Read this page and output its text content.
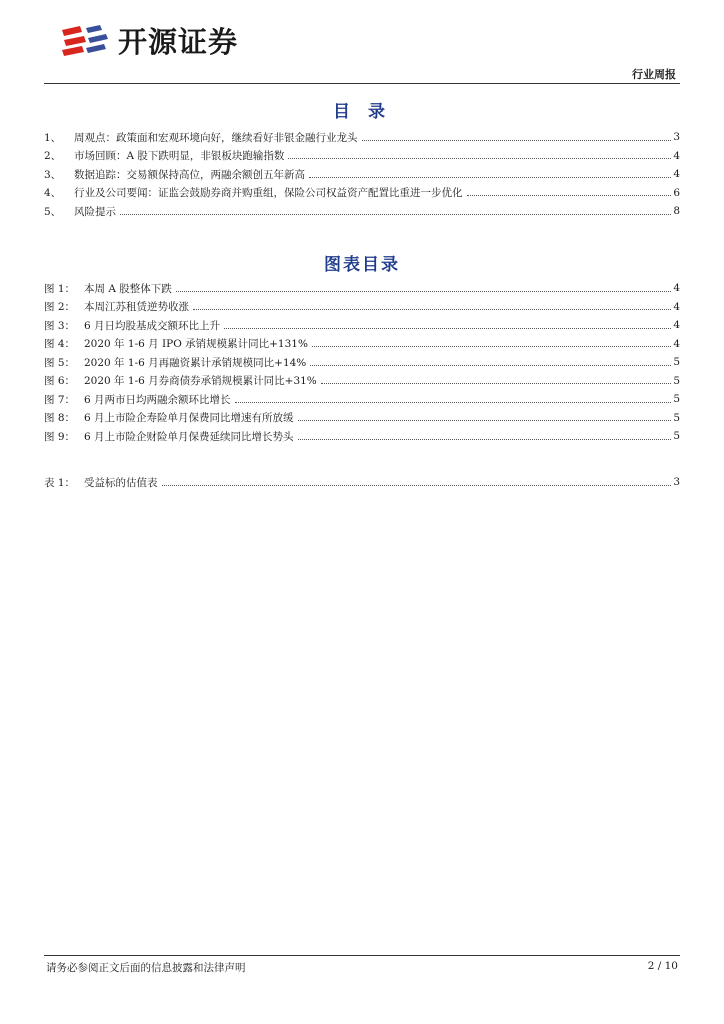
开源证券
行业周报
目 录
1、	周观点：政策面和宏观环境向好，继续看好非银金融行业龙头	3
2、	市场回顾：A 股下跌明显，非银板块跑输指数	4
3、	数据追踪：交易额保持高位，两融余额创五年新高	4
4、	行业及公司要闻：证监会鼓励券商并购重组，保险公司权益资产配置比重进一步优化	6
5、	风险提示	8
图表目录
图 1： 本周 A 股整体下跌	4
图 2： 本周江苏租赁逆势收涨	4
图 3： 6 月日均股基成交额环比上升	4
图 4： 2020 年 1-6 月 IPO 承销规模累计同比+131%	4
图 5： 2020 年 1-6 月再融资累计承销规模同比+14%	5
图 6： 2020 年 1-6 月券商债券承销规模累计同比+31%	5
图 7： 6 月两市日均两融余额环比增长	5
图 8： 6 月上市险企寿险单月保费同比增速有所放缓	5
图 9： 6 月上市险企财险单月保费延续同比增长势头	5
表 1： 受益标的估值表	3
请务必参阅正文后面的信息披露和法律声明	2 / 10
